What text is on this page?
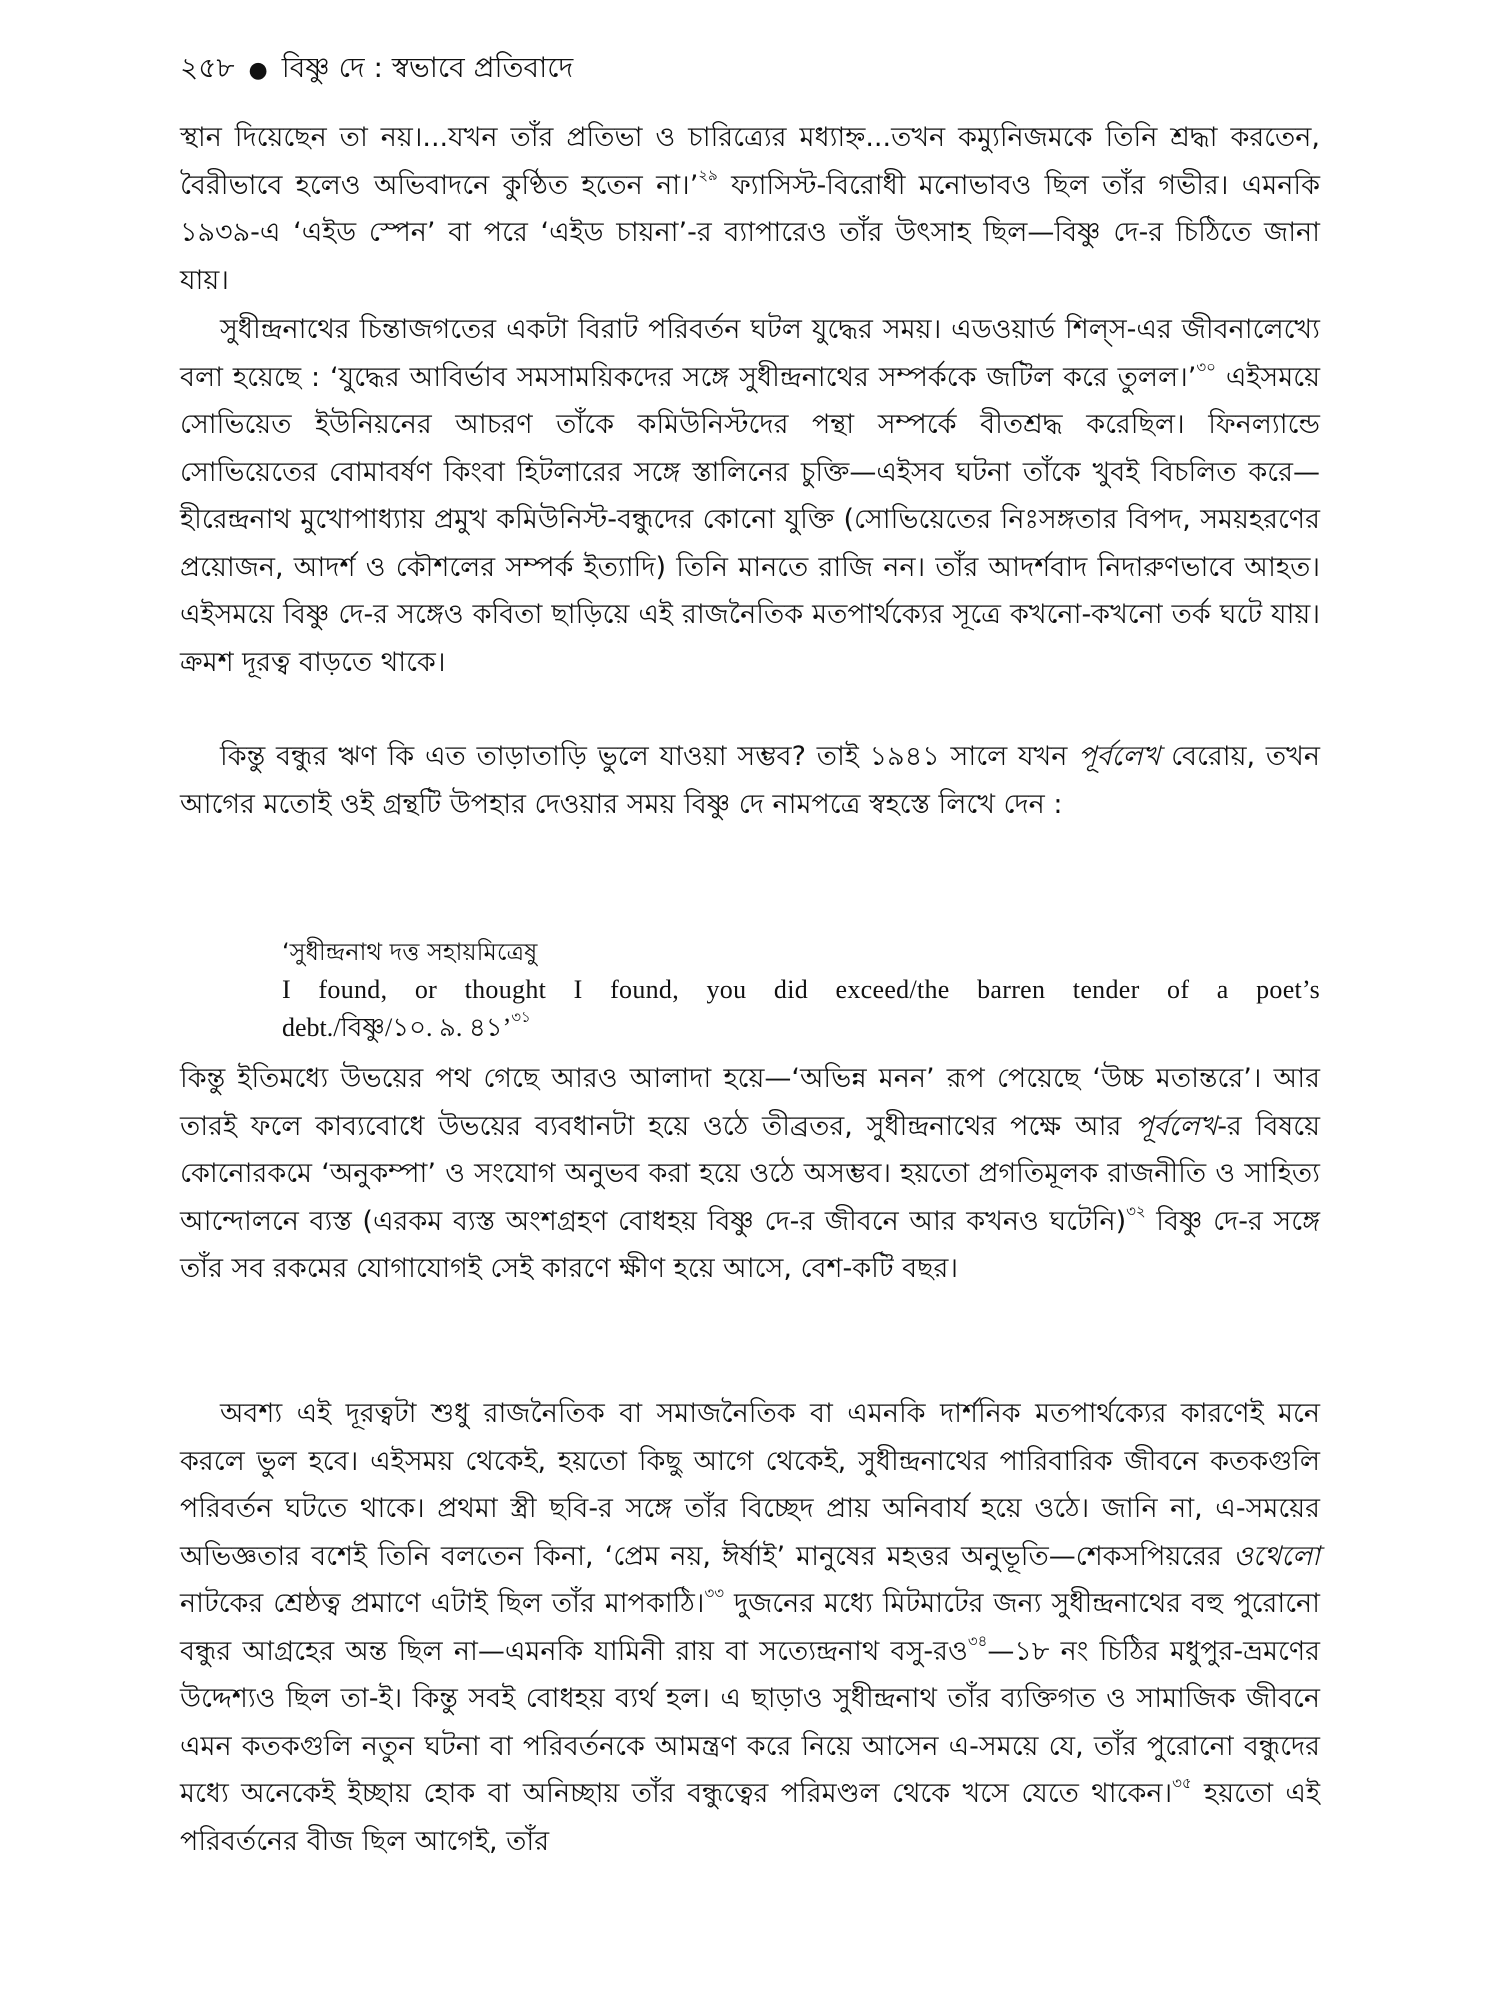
২৫৮ ● বিষ্ণু দে : স্বভাবে প্রতিবাদে

স্থান দিয়েছেন তা নয়।...যখন তাঁর প্রতিভা ও চারিত্র্যের মধ্যাহ্ন...তখন কম্যুনিজমকে তিনি শ্রদ্ধা করতেন, বৈরীভাবে হলেও অভিবাদনে কুণ্ঠিত হতেন না।’$^{২৯}$ ফ্যাসিস্ট-বিরোধী মনোভাবও ছিল তাঁর গভীর। এমনকি ১৯৩৯-এ ‘এইড স্পেন’ বা পরে ‘এইড চায়না’-র ব্যাপারেও তাঁর উৎসাহ ছিল—বিষ্ণু দে-র চিঠিতে জানা যায়।

সুধীন্দ্রনাথের চিন্তাজগতের একটা বিরাট পরিবর্তন ঘটল যুদ্ধের সময়। এডওয়ার্ড শিল্‌স-এর জীবনালেখ্যে বলা হয়েছে : ‘যুদ্ধের আবির্ভাব সমসাময়িকদের সঙ্গে সুধীন্দ্রনাথের সম্পর্ককে জটিল করে তুলল।’$^{৩০}$ এইসময়ে সোভিয়েত ইউনিয়নের আচরণ তাঁকে কমিউনিস্টদের পন্থা সম্পর্কে বীতশ্রদ্ধ করেছিল। ফিনল্যান্ডে সোভিয়েতের বোমাবর্ষণ কিংবা হিটলারের সঙ্গে স্তালিনের চুক্তি—এইসব ঘটনা তাঁকে খুবই বিচলিত করে—হীরেন্দ্রনাথ মুখোপাধ্যায় প্রমুখ কমিউনিস্ট-বন্ধুদের কোনো যুক্তি (সোভিয়েতের নিঃসঙ্গতার বিপদ, সময়হরণের প্রয়োজন, আদর্শ ও কৌশলের সম্পর্ক ইত্যাদি) তিনি মানতে রাজি নন। তাঁর আদর্শবাদ নিদারুণভাবে আহত। এইসময়ে বিষ্ণু দে-র সঙ্গেও কবিতা ছাড়িয়ে এই রাজনৈতিক মতপার্থক্যের সূত্রে কখনো-কখনো তর্ক ঘটে যায়। ক্রমশ দূরত্ব বাড়তে থাকে।

কিন্তু বন্ধুর ঋণ কি এত তাড়াতাড়ি ভুলে যাওয়া সম্ভব? তাই ১৯৪১ সালে যখন পূর্বলেখ বেরোয়, তখন আগের মতোই ওই গ্রন্থটি উপহার দেওয়ার সময় বিষ্ণু দে নামপত্রে স্বহস্তে লিখে দেন :

‘সুধীন্দ্রনাথ দত্ত সহায়মিত্রেষু
I found, or thought I found, you did exceed/the barren tender of a poet’s
debt./বিষ্ণু/১০. ৯. ৪১’$^{৩১}$

কিন্তু ইতিমধ্যে উভয়ের পথ গেছে আরও আলাদা হয়ে—‘অভিন্ন মনন’ রূপ পেয়েছে ‘উচ্চ মতান্তরে’। আর তারই ফলে কাব্যবোধে উভয়ের ব্যবধানটা হয়ে ওঠে তীব্রতর, সুধীন্দ্রনাথের পক্ষে আর পূর্বলেখ-র বিষয়ে কোনোরকমে ‘অনুকম্পা’ ও সংযোগ অনুভব করা হয়ে ওঠে অসম্ভব। হয়তো প্রগতিমূলক রাজনীতি ও সাহিত্য আন্দোলনে ব্যস্ত (এরকম ব্যস্ত অংশগ্রহণ বোধহয় বিষ্ণু দে-র জীবনে আর কখনও ঘটেনি)$^{৩২}$ বিষ্ণু দে-র সঙ্গে তাঁর সব রকমের যোগাযোগই সেই কারণে ক্ষীণ হয়ে আসে, বেশ-কটি বছর।

অবশ্য এই দূরত্বটা শুধু রাজনৈতিক বা সমাজনৈতিক বা এমনকি দার্শনিক মতপার্থক্যের কারণেই মনে করলে ভুল হবে। এইসময় থেকেই, হয়তো কিছু আগে থেকেই, সুধীন্দ্রনাথের পারিবারিক জীবনে কতকগুলি পরিবর্তন ঘটতে থাকে। প্রথমা স্ত্রী ছবি-র সঙ্গে তাঁর বিচ্ছেদ প্রায় অনিবার্য হয়ে ওঠে। জানি না, এ-সময়ের অভিজ্ঞতার বশেই তিনি বলতেন কিনা, ‘প্রেম নয়, ঈর্ষাই’ মানুষের মহত্তর অনুভূতি—শেকসপিয়রের ওথেলো নাটকের শ্রেষ্ঠত্ব প্রমাণে এটাই ছিল তাঁর মাপকাঠি।$^{৩৩}$ দুজনের মধ্যে মিটমাটের জন্য সুধীন্দ্রনাথের বহু পুরোনো বন্ধুর আগ্রহের অন্ত ছিল না—এমনকি যামিনী রায় বা সত্যেন্দ্রনাথ বসু-রও$^{৩৪}$—১৮ নং চিঠির মধুপুর-ভ্রমণের উদ্দেশ্যও ছিল তা-ই। কিন্তু সবই বোধহয় ব্যর্থ হল। এ ছাড়াও সুধীন্দ্রনাথ তাঁর ব্যক্তিগত ও সামাজিক জীবনে এমন কতকগুলি নতুন ঘটনা বা পরিবর্তনকে আমন্ত্রণ করে নিয়ে আসেন এ-সময়ে যে, তাঁর পুরোনো বন্ধুদের মধ্যে অনেকেই ইচ্ছায় হোক বা অনিচ্ছায় তাঁর বন্ধুত্বের পরিমণ্ডল থেকে খসে যেতে থাকেন।$^{৩৫}$ হয়তো এই পরিবর্তনের বীজ ছিল আগেই, তাঁর
